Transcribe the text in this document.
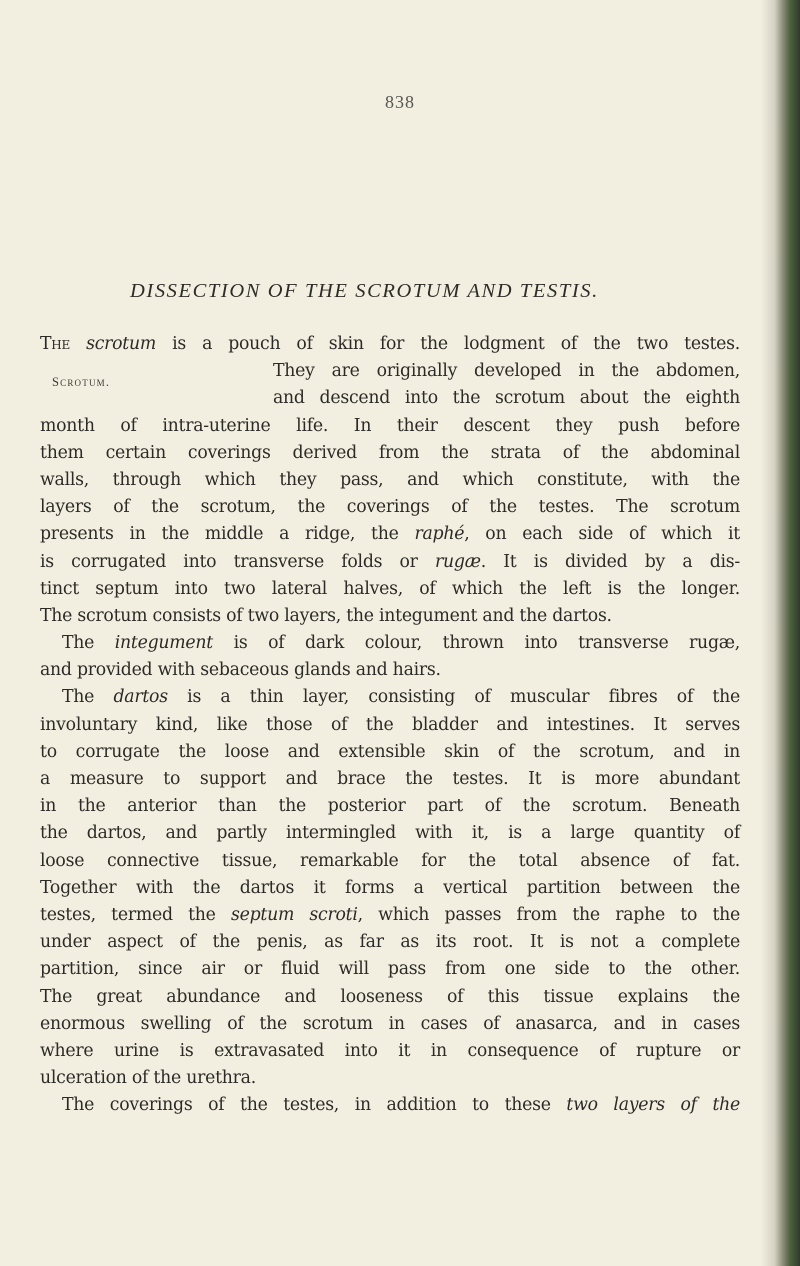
838
DISSECTION OF THE SCROTUM AND TESTIS.
Scrotum.
The scrotum is a pouch of skin for the lodgment of the two testes.
They are originally developed in the abdomen,
and descend into the scrotum about the eighth
month of intra-uterine life. In their descent they push before
them certain coverings derived from the strata of the abdominal
walls, through which they pass, and which constitute, with the
layers of the scrotum, the coverings of the testes. The scrotum
presents in the middle a ridge, the raphé, on each side of which it
is corrugated into transverse folds or rugæ. It is divided by a dis-
tinct septum into two lateral halves, of which the left is the longer.
The scrotum consists of two layers, the integument and the dartos.
The integument is of dark colour, thrown into transverse rugæ,
and provided with sebaceous glands and hairs.
The dartos is a thin layer, consisting of muscular fibres of the
involuntary kind, like those of the bladder and intestines. It serves
to corrugate the loose and extensible skin of the scrotum, and in
a measure to support and brace the testes. It is more abundant
in the anterior than the posterior part of the scrotum. Beneath
the dartos, and partly intermingled with it, is a large quantity of
loose connective tissue, remarkable for the total absence of fat.
Together with the dartos it forms a vertical partition between the
testes, termed the septum scroti, which passes from the raphe to the
under aspect of the penis, as far as its root. It is not a complete
partition, since air or fluid will pass from one side to the other.
The great abundance and looseness of this tissue explains the
enormous swelling of the scrotum in cases of anasarca, and in cases
where urine is extravasated into it in consequence of rupture or
ulceration of the urethra.
The coverings of the testes, in addition to these two layers of the
